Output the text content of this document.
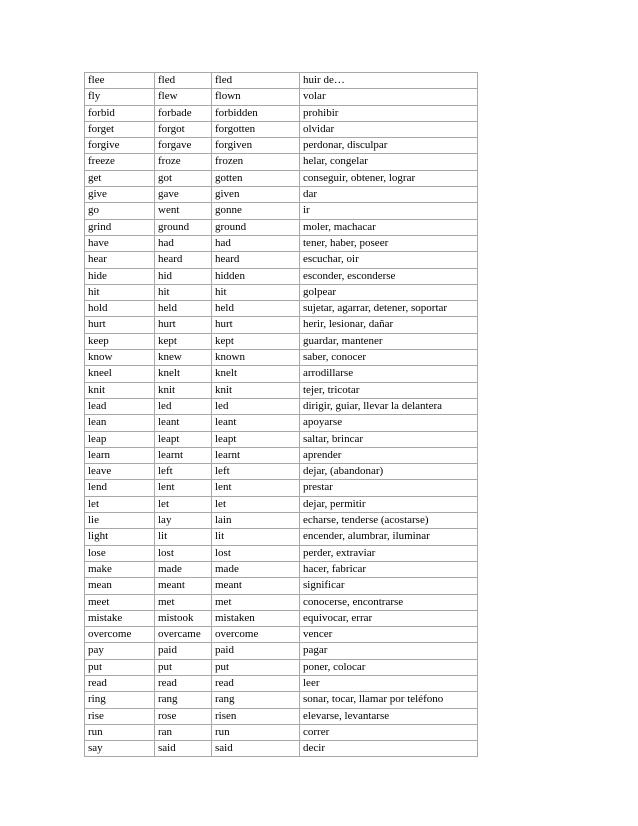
flee	fled	fled	huir de…
fly	flew	flown	volar
forbid	forbade	forbidden	prohibir
forget	forgot	forgotten	olvidar
forgive	forgave	forgiven	perdonar, disculpar
freeze	froze	frozen	helar, congelar
get	got	gotten	conseguir, obtener, lograr
give	gave	given	dar
go	went	gonne	ir
grind	ground	ground	moler, machacar
have	had	had	tener, haber, poseer
hear	heard	heard	escuchar, oir
hide	hid	hidden	esconder, esconderse
hit	hit	hit	golpear
hold	held	held	sujetar, agarrar, detener, soportar
hurt	hurt	hurt	herir, lesionar, dañar
keep	kept	kept	guardar, mantener
know	knew	known	saber, conocer
kneel	knelt	knelt	arrodillarse
knit	knit	knit	tejer, tricotar
lead	led	led	dirigir, guiar, llevar la delantera
lean	leant	leant	apoyarse
leap	leapt	leapt	saltar, brincar
learn	learnt	learnt	aprender
leave	left	left	dejar, (abandonar)
lend	lent	lent	prestar
let	let	let	dejar, permitir
lie	lay	lain	echarse, tenderse (acostarse)
light	lit	lit	encender, alumbrar, iluminar
lose	lost	lost	perder, extraviar
make	made	made	hacer, fabricar
mean	meant	meant	significar
meet	met	met	conocerse, encontrarse
mistake	mistook	mistaken	equivocar, errar
overcome	overcame	overcome	vencer
pay	paid	paid	pagar
put	put	put	poner, colocar
read	read	read	leer
ring	rang	rang	sonar, tocar, llamar por teléfono
rise	rose	risen	elevarse, levantarse
run	ran	run	correr
say	said	said	decir
